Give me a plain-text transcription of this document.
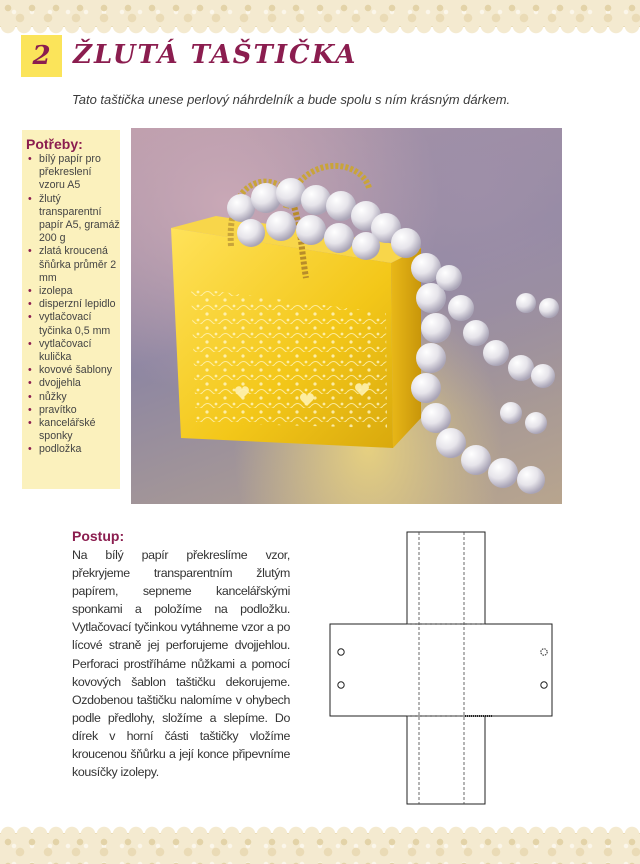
2 ŽLUTÁ TAŠTIČKA

Tato taštička unese perlový náhrdelník a bude spolu s ním krásným dárkem.

Potřeby:
• bílý papír pro překreslení vzoru A5
• žlutý transparentní papír A5, gramáž 200 g
• zlatá kroucená šňůrka průměr 2 mm
• izolepa
• disperzní lepidlo
• vytlačovací tyčinka 0,5 mm
• vytlačovací kulička
• kovové šablony
• dvojjehla
• nůžky
• pravítko
• kancelářské sponky
• podložka
Postup:

Na bílý papír překreslíme vzor, překryjeme transparentním žlutým papírem, sepneme kancelářskými sponkami a položíme na podložku. Vytlačovací tyčinkou vytáhneme vzor a po lícové straně jej perforujeme dvojjehlou. Perforaci prostříháme nůžkami a pomocí kovových šablon taštičku dekorujeme. Ozdobenou taštičku nalomíme v ohybech podle předlohy, složíme a slepíme. Do dírek v horní části taštičky vložíme kroucenou šňůrku a její konce připevníme kousíčky izolepy.
